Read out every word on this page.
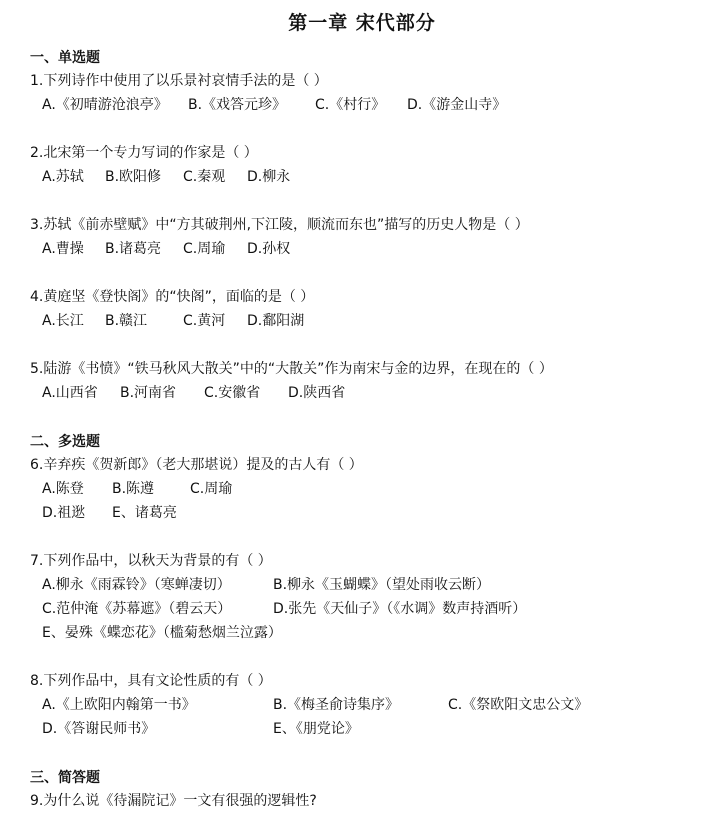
第一章 宋代部分
一、单选题
1.下列诗作中使用了以乐景衬哀情手法的是（ ）
A.《初晴游沧浪亭》 B.《戏答元珍》 C.《村行》 D.《游金山寺》
2.北宋第一个专力写词的作家是（ ）
A.苏轼 B.欧阳修 C.秦观 D.柳永
3.苏轼《前赤壁赋》中“方其破荆州,下江陵，顺流而东也”描写的历史人物是（ ）
A.曹操 B.诸葛亮 C.周瑜 D.孙权
4.黄庭坚《登快阁》的“快阁”，面临的是（ ）
A.长江 B.赣江	C.黄河 D.鄱阳湖
5.陆游《书愤》“铁马秋风大散关”中的“大散关”作为南宋与金的边界，在现在的（ ）
A.山西省 B.河南省 C.安徽省 D.陕西省
二、多选题
6.辛弃疾《贺新郎》（老大那堪说）提及的古人有（ ）
A.陈登 B.陈遵	C.周瑜
D.祖逖 E、诸葛亮
7.下列作品中，以秋天为背景的有（ ）
A.柳永《雨霖铃》（寒蝉凄切）	B.柳永《玉蝴蝶》（望处雨收云断）
C.范仲淹《苏幕遮》（碧云天）	D.张先《天仙子》（《水调》数声持酒听）
E、晏殊《蝶恋花》（槛菊愁烟兰泣露）
8.下列作品中，具有文论性质的有（ ）
A.《上欧阳内翰第一书》	B.《梅圣俞诗集序》	C.《祭欧阳文忠公文》
D.《答谢民师书》	E、《朋党论》
三、简答题
9.为什么说《待漏院记》一文有很强的逻辑性?
